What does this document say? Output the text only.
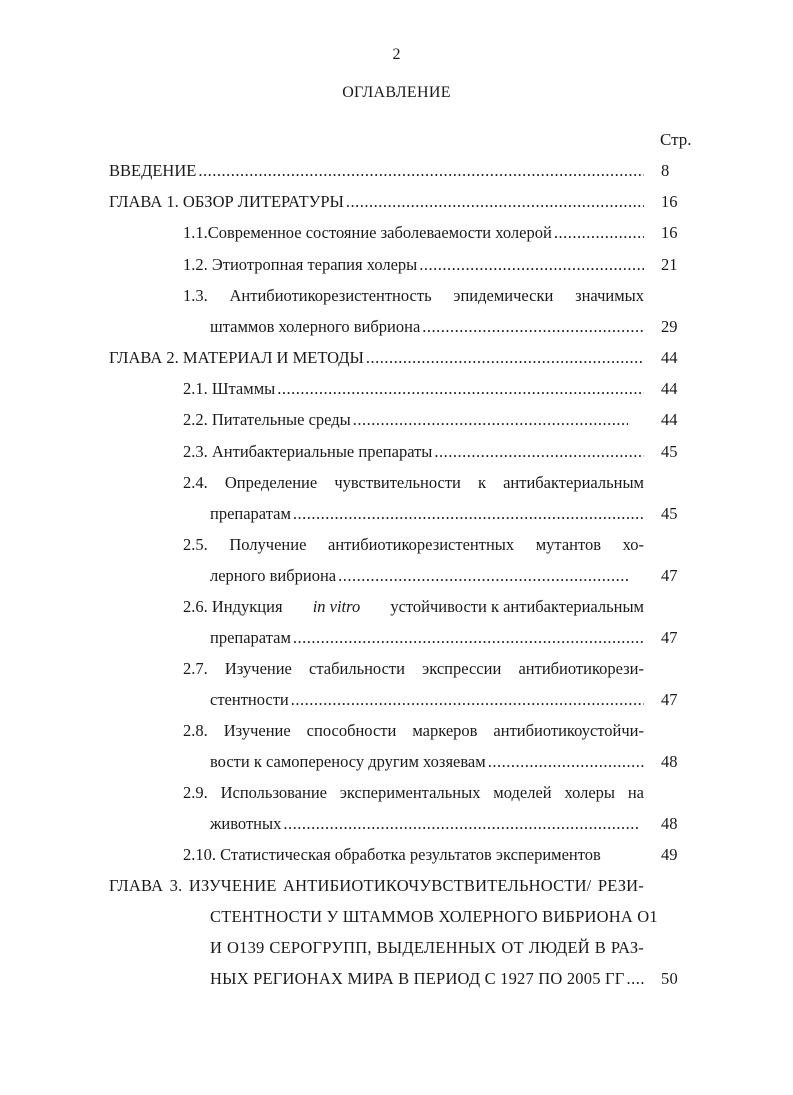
2
ОГЛАВЛЕНИЕ
Стр.
ВВЕДЕНИЕ .....	8
ГЛАВА 1. ОБЗОР ЛИТЕРАТУРЫ .....	16
1.1.Современное состояние заболеваемости холерой .....	16
1.2. Этиотропная терапия холеры .....	21
1.3. Антибиотикорезистентность эпидемически значимых
штаммов холерного вибриона .....	29
ГЛАВА 2. МАТЕРИАЛ И МЕТОДЫ .....	44
2.1. Штаммы .....	44
2.2. Питательные среды .....	44
2.3. Антибактериальные препараты .....	45
2.4. Определение чувствительности к антибактериальным
препаратам .....	45
2.5. Получение антибиотикорезистентных мутантов хо-
лерного вибриона .....	47
2.6. Индукция in vitro устойчивости к антибактериальным
препаратам .....	47
2.7. Изучение стабильности экспрессии антибиотикорези-
стентности .....	47
2.8. Изучение способности маркеров антибиотикоустойчи-
вости к самопереносу другим хозяевам .....	48
2.9. Использование экспериментальных моделей холеры на
животных .....	48
2.10. Статистическая обработка результатов экспериментов	49
ГЛАВА 3. ИЗУЧЕНИЕ АНТИБИОТИКОЧУВСТВИТЕЛЬНОСТИ/ РЕЗИ-
СТЕНТНОСТИ У ШТАММОВ ХОЛЕРНОГО ВИБРИОНА О1
И О139 СЕРОГРУПП, ВЫДЕЛЕННЫХ ОТ ЛЮДЕЙ В РАЗ-
НЫХ РЕГИОНАХ МИРА В ПЕРИОД С 1927 ПО 2005 ГГ ..... 50
